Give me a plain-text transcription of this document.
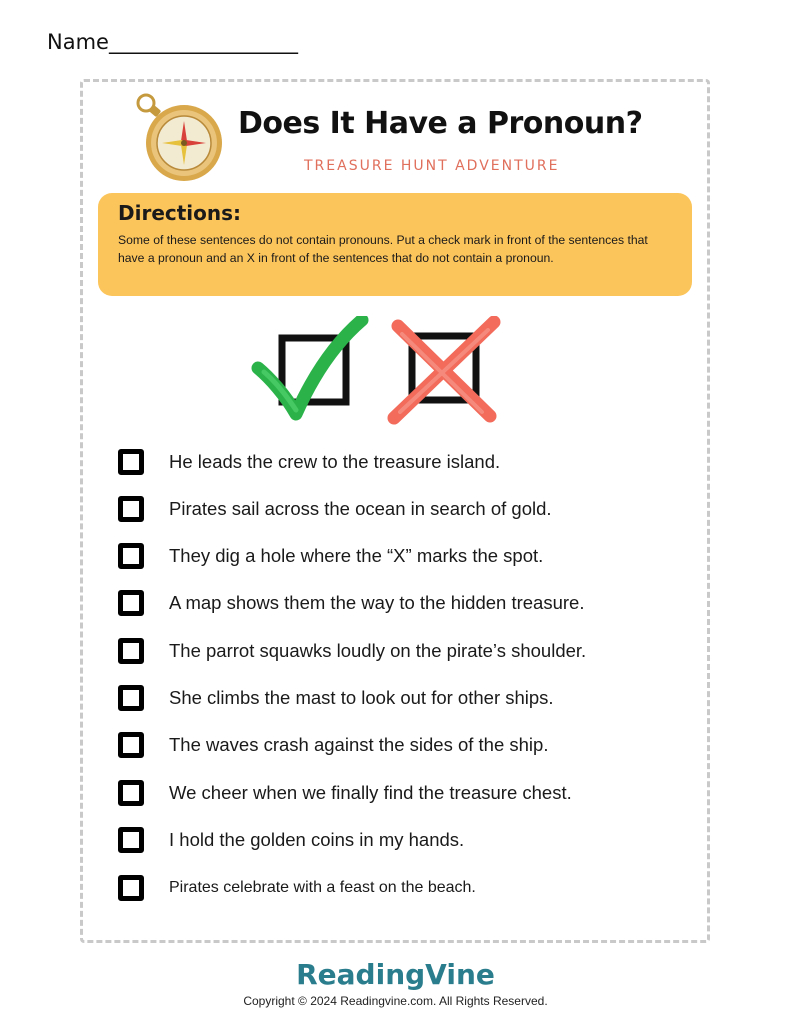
Name__________________
Does It Have a Pronoun?
TREASURE HUNT ADVENTURE
Directions:
Some of these sentences do not contain pronouns. Put a check mark in front of the sentences that have a pronoun and an X in front of the sentences that do not contain a pronoun.
He leads the crew to the treasure island.
Pirates sail across the ocean in search of gold.
They dig a hole where the “X” marks the spot.
A map shows them the way to the hidden treasure.
The parrot squawks loudly on the pirate’s shoulder.
She climbs the mast to look out for other ships.
The waves crash against the sides of the ship.
We cheer when we finally find the treasure chest.
I hold the golden coins in my hands.
Pirates celebrate with a feast on the beach.
ReadingVine
Copyright © 2024 Readingvine.com. All Rights Reserved.
